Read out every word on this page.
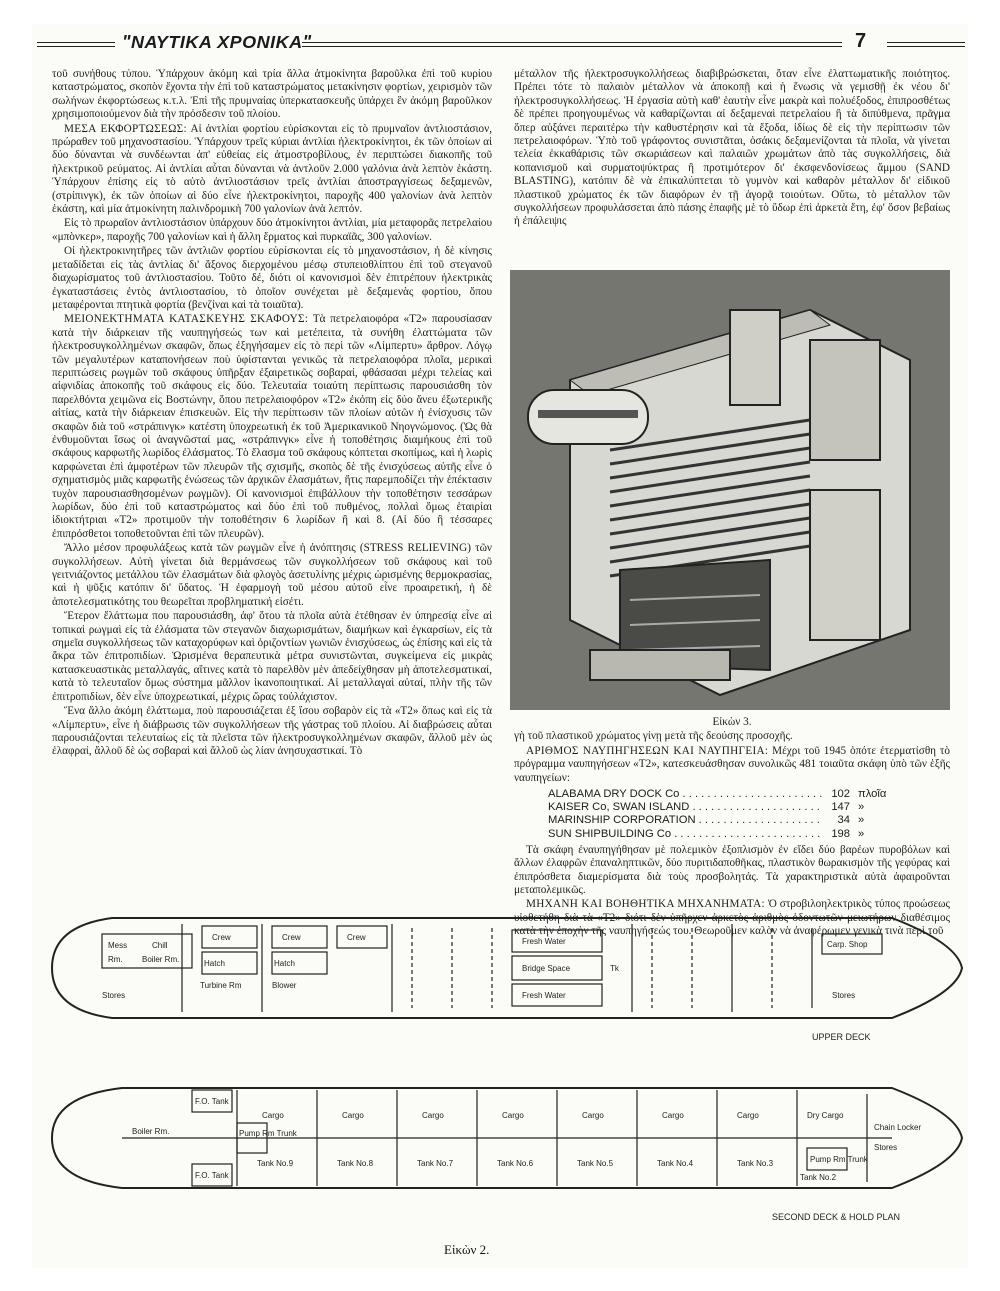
"ΝΑΥΤΙΚΑ ΧΡΟΝΙΚΑ"	7

τοῦ συνήθους τύπου. Ὑπάρχουν ἀκόμη καὶ τρία ἄλλα ἀτμοκίνητα βαροῦλκα ἐπὶ τοῦ κυρίου καταστρώματος, σκοπὸν ἔχοντα τὴν ἐπὶ τοῦ καταστρώματος μετακίνησιν φορτίων, χειρισμὸν τῶν σωλήνων ἐκφορτώσεως κ.τ.λ. Ἐπὶ τῆς πρυμναίας ὑπερκατασκευῆς ὑπάρχει ἓν ἀκόμη βαροῦλκον χρησιμοποιούμενον διὰ τὴν πρόσδεσιν τοῦ πλοίου.

ΜΕΣΑ ΕΚΦΟΡΤΩΣΕΩΣ: Αἱ ἀντλίαι φορτίου εὑρίσκονται εἰς τὸ πρυμναῖον ἀντλιοστάσιον, πρώραθεν τοῦ μηχανοστασίου. Ὑπάρχουν τρεῖς κύριαι ἀντλίαι ἠλεκτροκίνητοι, ἐκ τῶν ὁποίων αἱ δύο δύνανται νὰ συνδέωνται ἀπ' εὐθείας εἰς ἀτμοστροβίλους, ἐν περιπτώσει διακοπῆς τοῦ ἠλεκτρικοῦ ρεύματος. Αἱ ἀντλίαι αὗται δύνανται νὰ ἀντλοῦν 2.000 γαλόνια ἀνὰ λεπτὸν ἑκάστη. Ὑπάρχουν ἐπίσης εἰς τὸ αὐτὸ ἀντλιοστάσιον τρεῖς ἀντλίαι ἀποστραγγίσεως δεξαμενῶν, (στρίπινγκ), ἐκ τῶν ὁποίων αἱ δύο εἶνε ἠλεκτροκίνητοι, παροχῆς 400 γαλονίων ἀνὰ λεπτὸν ἑκάστη, καὶ μία ἀτμοκίνητη παλινδρομικὴ 700 γαλονίων ἀνὰ λεπτόν.

Εἰς τὸ πρωραῖον ἀντλιοστάσιον ὑπάρχουν δύο ἀτμοκίνητοι ἀντλίαι, μία μεταφορᾶς πετρελαίου «μπὸνκερ», παροχῆς 700 γαλονίων καὶ ἡ ἄλλη ἕρματος καὶ πυρκαϊᾶς, 300 γαλονίων.

Οἱ ἠλεκτροκινητῆρες τῶν ἀντλιῶν φορτίου εὑρίσκονται εἰς τὸ μηχανοστάσιον, ἡ δὲ κίνησις μεταδίδεται εἰς τὰς ἀντλίας δι' ἄξονος διερχομένου μέσῳ στυπειοθλίπτου ἐπὶ τοῦ στεγανοῦ διαχωρίσματος τοῦ ἀντλιοστασίου. Τοῦτο δέ, διότι οἱ κανονισμοὶ δὲν ἐπιτρέπουν ἠλεκτρικὰς ἐγκαταστάσεις ἐντὸς ἀντλιοστασίου, τὸ ὁποῖον συνέχεται μὲ δεξαμενὰς φορτίου, ὅπου μεταφέρονται πτητικὰ φορτία (βενζίναι καὶ τὰ τοιαῦτα).

ΜΕΙΟΝΕΚΤΗΜΑΤΑ ΚΑΤΑΣΚΕΥΗΣ ΣΚΑΦΟΥΣ: Τὰ πετρελαιοφόρα «Τ2» παρουσίασαν κατὰ τὴν διάρκειαν τῆς ναυπηγήσεώς των καὶ μετέπειτα, τὰ συνήθη ἐλαττώματα τῶν ἠλεκτροσυγκολλημένων σκαφῶν, ὅπως ἐξηγήσαμεν εἰς τὸ περὶ τῶν «Λίμπερτυ» ἄρθρον. Λόγῳ τῶν μεγαλυτέρων καταπονήσεων ποὺ ὑφίστανται γενικῶς τὰ πετρελαιοφόρα πλοῖα, μερικαὶ περιπτώσεις ρωγμῶν τοῦ σκάφους ὑπῆρξαν ἐξαιρετικῶς σοβαραί, φθάσασαι μέχρι τελείας καὶ αἰφνιδίας ἀποκοπῆς τοῦ σκάφους εἰς δύο. Τελευταία τοιαύτη περίπτωσις παρουσιάσθη τὸν παρελθόντα χειμῶνα εἰς Βοστώνην, ὅπου πετρελαιοφόρον «Τ2» ἐκόπη εἰς δύο ἄνευ ἐξωτερικῆς αἰτίας, κατὰ τὴν διάρκειαν ἐπισκευῶν. Εἰς τὴν περίπτωσιν τῶν πλοίων αὐτῶν ἡ ἐνίσχυσις τῶν σκαφῶν διὰ τοῦ «στράπινγκ» κατέστη ὑποχρεωτικὴ ἐκ τοῦ Ἀμερικανικοῦ Νηογνώμονος. (Ὡς θὰ ἐνθυμοῦνται ἴσως οἱ ἀναγνῶσταί μας, «στράπινγκ» εἶνε ἡ τοποθέτησις διαμήκους ἐπὶ τοῦ σκάφους καρφωτῆς λωρίδος ἐλάσματος. Τὸ ἔλασμα τοῦ σκάφους κόπτεται σκοπίμως, καὶ ἡ λωρὶς καρφώνεται ἐπὶ ἀμφοτέρων τῶν πλευρῶν τῆς σχισμῆς, σκοπὸς δὲ τῆς ἐνισχύσεως αὐτῆς εἶνε ὁ σχηματισμὸς μιᾶς καρφωτῆς ἑνώσεως τῶν ἀρχικῶν ἐλασμάτων, ἥτις παρεμποδίζει τὴν ἐπέκτασιν τυχὸν παρουσιασθησομένων ρωγμῶν). Οἱ κανονισμοὶ ἐπιβάλλουν τὴν τοποθέτησιν τεσσάρων λωρίδων, δύο ἐπὶ τοῦ καταστρώματος καὶ δύο ἐπὶ τοῦ πυθμένος, πολλαὶ ὅμως ἑταιρίαι ἰδιοκτήτριαι «Τ2» προτιμοῦν τὴν τοποθέτησιν 6 λωρίδων ἢ καὶ 8. (Αἱ δύο ἢ τέσσαρες ἐπιπρόσθετοι τοποθετοῦνται ἐπὶ τῶν πλευρῶν).

Ἄλλο μέσον προφυλάξεως κατὰ τῶν ρωγμῶν εἶνε ἡ ἀνόπτησις (STRESS RELIEVING) τῶν συγκολλήσεων. Αὐτὴ γίνεται διὰ θερμάνσεως τῶν συγκολλήσεων τοῦ σκάφους καὶ τοῦ γειτνιάζοντος μετάλλου τῶν ἐλασμάτων διὰ φλογὸς ἀσετυλίνης μέχρις ὡρισμένης θερμοκρασίας, καὶ ἡ ψῦξις κατόπιν δι' ὕδατος. Ἡ ἐφαρμογὴ τοῦ μέσου αὐτοῦ εἶνε προαιρετική, ἡ δὲ ἀποτελεσματικότης του θεωρεῖται προβληματική εἰσέτι.

Ἕτερον ἔλάττωμα που παρουσιάσθη, ἀφ' ὅτου τὰ πλοῖα αὐτὰ ἐτέθησαν ἐν ὑπηρεσίᾳ εἶνε αἱ τοπικαὶ ρωγμαὶ εἰς τὰ ἐλάσματα τῶν στεγανῶν διαχωρισμάτων, διαμήκων καὶ ἐγκαρσίων, εἰς τὰ σημεῖα συγκολλήσεως τῶν καταχορύφων καὶ ὁριζοντίων γωνιῶν ἐνισχύσεως, ὡς ἐπίσης καὶ εἰς τὰ ἄκρα τῶν ἐπιτροπιδίων. Ὡρισμένα θεραπευτικὰ μέτρα συνιστῶνται, συγκείμενα εἰς μικρὰς κατασκευαστικὰς μεταλλαγάς, αἵτινες κατὰ τὸ παρελθὸν μὲν ἀπεδείχθησαν μὴ ἀποτελεσματικαί, κατὰ τὸ τελευταῖον ὅμως σύστημα μᾶλλον ἱκανοποιητικαί. Αἱ μεταλλαγαὶ αὐταί, πλὴν τῆς τῶν ἐπιτροπιδίων, δὲν εἶνε ὑποχρεωτικαί, μέχρις ὥρας τοὐλάχιστον.

Ἕνα ἄλλο ἀκόμη ἐλάττωμα, ποὺ παρουσιάζεται ἐξ ἴσου σοβαρὸν εἰς τὰ «Τ2» ὅπως καὶ εἰς τὰ «Λίμπερτυ», εἶνε ἡ διάβρωσις τῶν συγκολλήσεων τῆς γάστρας τοῦ πλοίου. Αἱ διαβρώσεις αὗται παρουσιάζονται τελευταίως εἰς τὰ πλεῖστα τῶν ἠλεκτροσυγκολλημένων σκαφῶν, ἄλλοῦ μὲν ὡς ἐλαφραί, ἄλλοῦ δὲ ὡς σοβαραὶ καὶ ἄλλοῦ ὡς λίαν ἀνησυχαστικαί. Τὸ

μέταλλον τῆς ἠλεκτροσυγκολλήσεως διαβιβρώσκεται, ὅταν εἶνε ἐλαττωματικῆς ποιότητος. Πρέπει τότε τὸ παλαιὸν μέταλλον νὰ ἀποκοπῇ καὶ ἡ ἕνωσις νὰ γεμισθῇ ἐκ νέου δι' ἠλεκτροσυγκολλήσεως. Ἡ ἐργασία αὐτὴ καθ' ἑαυτὴν εἶνε μακρὰ καὶ πολυέξοδος, ἐπιπροσθέτως δὲ πρέπει προηγουμένως νὰ καθαρίζωνται αἱ δεξαμεναὶ πετρελαίου ἢ τὰ διπύθμενα, πρᾶγμα ὅπερ αὐξάνει περαιτέρω τὴν καθυστέρησιν καὶ τὰ ἔξοδα, ἰδίως δὲ εἰς τὴν περίπτωσιν τῶν πετρελαιοφόρων. Ὑπὸ τοῦ γράφοντος συνιστᾶται, ὁσάκις δεξαμενίζονται τὰ πλοῖα, νὰ γίνεται τελεία ἐκκαθάρισις τῶν σκωριάσεων καὶ παλαιῶν χρωμάτων ἀπὸ τὰς συγκολλήσεις, διὰ κοπανισμοῦ καὶ συρματοψύκτρας ἢ προτιμότερον δι' ἐκσφενδονίσεως ἄμμου (SAND BLASTING), κατόπιν δὲ νὰ ἐπικαλύπτεται τὸ γυμνὸν καὶ καθαρὸν μέταλλον δι' εἰδικοῦ πλαστικοῦ χρώματος ἐκ τῶν διαφόρων ἐν τῇ ἀγορᾷ τοιούτων. Οὕτω, τὸ μέταλλον τῶν συγκολλήσεων προφυλάσσεται ἀπὸ πάσης ἐπαφῆς μὲ τὸ ὕδωρ ἐπὶ ἀρκετὰ ἔτη, ἐφ' ὅσον βεβαίως ἡ ἐπάλειψις

Εἰκὼν 3.

γὴ τοῦ πλαστικοῦ χρώματος γίνῃ μετὰ τῆς δεούσης προσοχῆς.

ΑΡΙΘΜΟΣ ΝΑΥΠΗΓΗΣΕΩΝ ΚΑΙ ΝΑΥΠΗΓΕΙΑ: Μέχρι τοῦ 1945 ὁπότε ἐτερματίσθη τὸ πρόγραμμα ναυπηγήσεων «Τ2», κατεσκευάσθησαν συνολικῶς 481 τοιαῦτα σκάφη ὑπὸ τῶν ἑξῆς ναυπηγείων:

ALABAMA DRY DOCK Co . . .	102 πλοῖα
KAISER Co, SWAN ISLAND . . .	147 »
MARINSHIP CORPORATION . . .	34 »
SUN SHIPBUILDING Co . . .	198 »

Τὰ σκάφη ἐναυπηγήθησαν μὲ πολεμικὸν ἐξοπλισμὸν ἐν εἴδει δύο βαρέων πυροβόλων καὶ ἄλλων ἐλαφρῶν ἐπαναληπτικῶν, δύο πυριτιδαποθῆκας, πλαστικὸν θωρακισμὸν τῆς γεφύρας καὶ ἐπιπρόσθετα διαμερίσματα διὰ τοὺς προσβολητάς. Τὰ χαρακτηριστικὰ αὐτὰ ἀφαιροῦνται μεταπολεμικῶς.

ΜΗΧΑΝΗ ΚΑΙ ΒΟΗΘΗΤΙΚΑ ΜΗΧΑΝΗΜΑΤΑ: Ὁ στροβιλοηλεκτρικὸς τύπος προώσεως υἱοθετήθη διὰ τὰ «Τ2» διότι δὲν ὑπῆρχεν ἀρκετὸς ἀριθμὸς ὀδοντωτῶν μειωτήρων διαθέσιμος κατὰ τὴν ἐποχὴν τῆς ναυπηγήσεώς του. Θεωροῦμεν καλὸν νὰ ἀναφέρωμεν γενικὰ τινὰ περὶ τοῦ

Crew	Crew	Crew
Mess
Rm.
Chill
Boiler Rm.	Hatch	Hatch
Turbine Rm	Blower
Stores
Fresh Water
Bridge Space
Fresh Water
Carp. Shop
Tk
Stores
UPPER DECK
F.O. Tank
F.O. Tank
Pump Rm Trunk
Boiler Rm.
Cargo	Cargo	Cargo	Cargo	Cargo	Cargo	Cargo	Dry Cargo
Chain Locker
Stores
Pump Rm Trunk
Tank No.9	Tank No.8	Tank No.7	Tank No.6	Tank No.5	Tank No.4	Tank No.3
Tank No.2
SECOND DECK & HOLD PLAN
Εἰκὼν 2.
